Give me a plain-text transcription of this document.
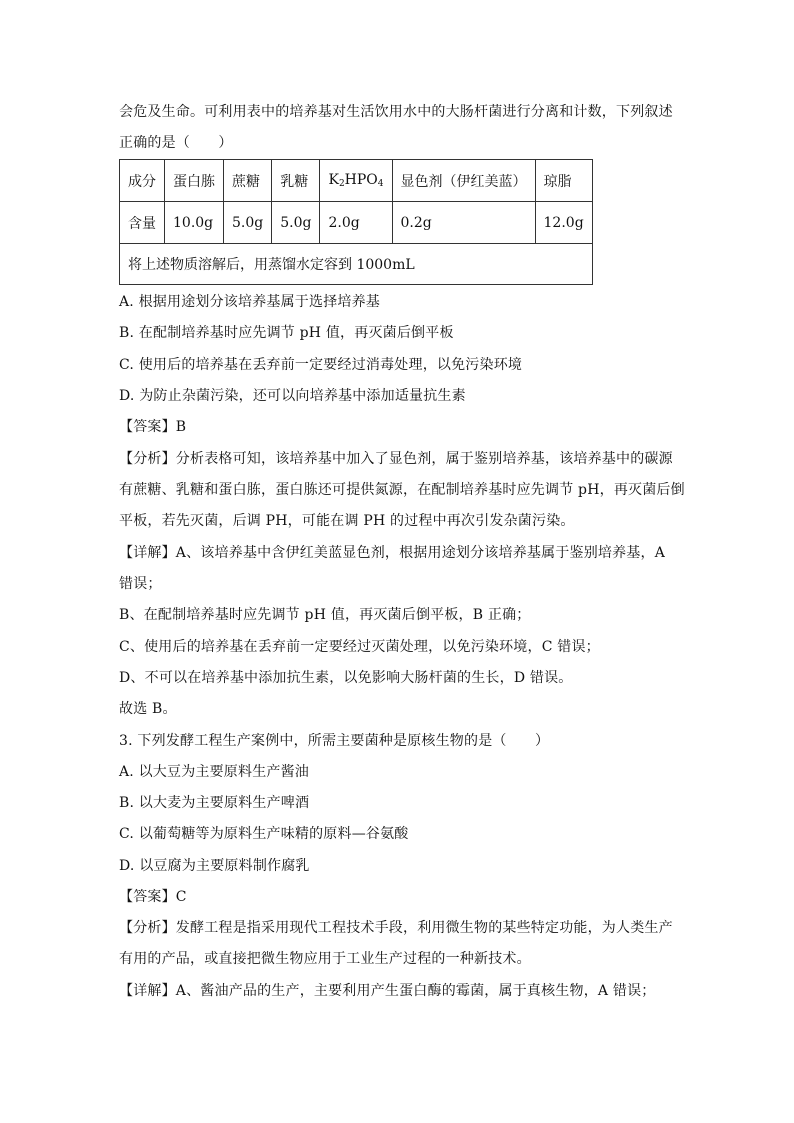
会危及生命。可利用表中的培养基对生活饮用水中的大肠杆菌进行分离和计数，下列叙述
正确的是（　　）
成分	蛋白胨	蔗糖	乳糖	$K_2HPO_4$	显色剂（伊红美蓝）	琼脂
含量	10.0g	5.0g	5.0g	2.0g	0.2g	12.0g
将上述物质溶解后，用蒸馏水定容到 1000mL						
A. 根据用途划分该培养基属于选择培养基
B. 在配制培养基时应先调节 pH 值，再灭菌后倒平板
C. 使用后的培养基在丢弃前一定要经过消毒处理，以免污染环境
D. 为防止杂菌污染，还可以向培养基中添加适量抗生素
【答案】B
【分析】分析表格可知，该培养基中加入了显色剂，属于鉴别培养基，该培养基中的碳源
有蔗糖、乳糖和蛋白胨，蛋白胨还可提供氮源，在配制培养基时应先调节 pH，再灭菌后倒
平板，若先灭菌，后调 PH，可能在调 PH 的过程中再次引发杂菌污染。
【详解】A、该培养基中含伊红美蓝显色剂，根据用途划分该培养基属于鉴别培养基，A
错误；
B、在配制培养基时应先调节 pH 值，再灭菌后倒平板，B 正确；
C、使用后的培养基在丢弃前一定要经过灭菌处理，以免污染环境，C 错误；
D、不可以在培养基中添加抗生素，以免影响大肠杆菌的生长，D 错误。
故选 B。
3. 下列发酵工程生产案例中，所需主要菌种是原核生物的是（　　）
A. 以大豆为主要原料生产酱油
B. 以大麦为主要原料生产啤酒
C. 以葡萄糖等为原料生产味精的原料—谷氨酸
D. 以豆腐为主要原料制作腐乳
【答案】C
【分析】发酵工程是指采用现代工程技术手段，利用微生物的某些特定功能，为人类生产
有用的产品，或直接把微生物应用于工业生产过程的一种新技术。
【详解】A、酱油产品的生产，主要利用产生蛋白酶的霉菌，属于真核生物，A 错误；
